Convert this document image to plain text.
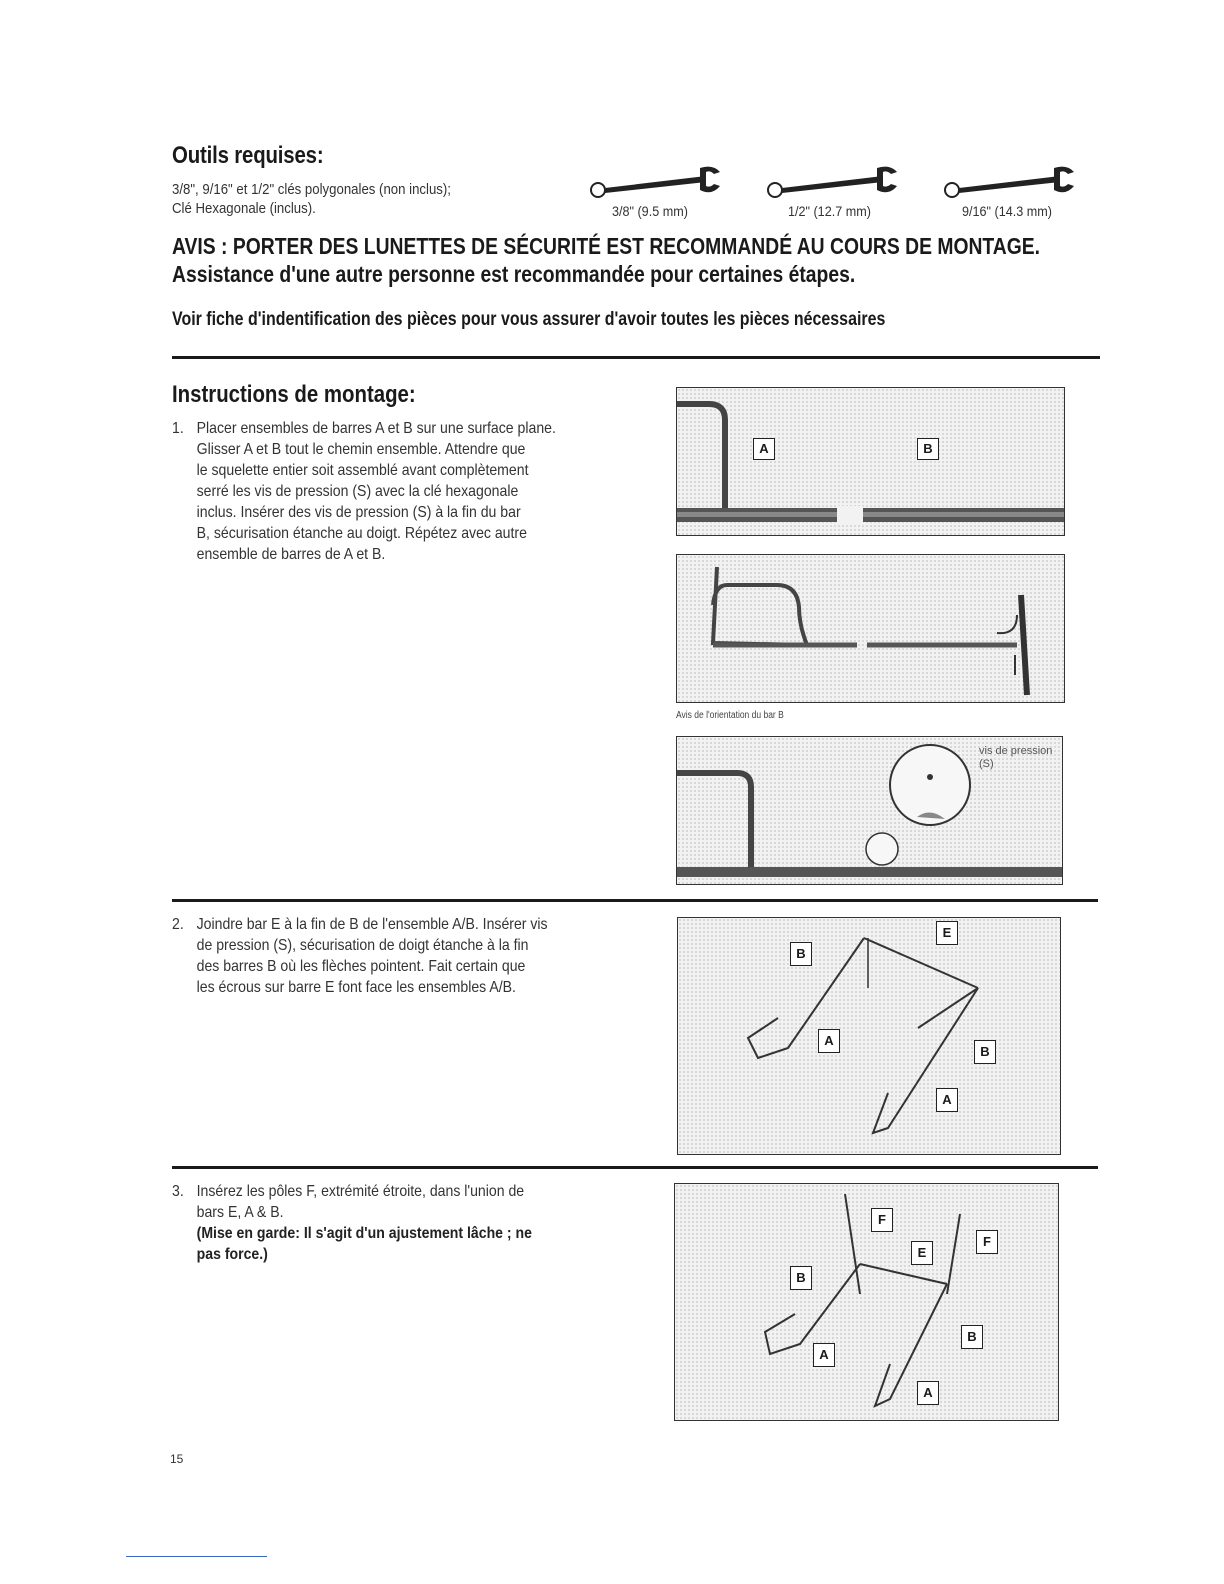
Outils requises:
3/8", 9/16" et 1/2" clés polygonales (non inclus);
Clé Hexagonale (inclus).	3/8" (9.5 mm)	1/2" (12.7 mm)	9/16" (14.3 mm)
AVIS : PORTER DES LUNETTES DE SÉCURITÉ EST RECOMMANDÉ AU COURS DE MONTAGE.
Assistance d'une autre personne est recommandée pour certaines étapes.
Voir fiche d'indentification des pièces pour vous assurer d'avoir toutes les pièces nécessaires
Instructions de montage:
1. Placer ensembles de barres A et B sur une surface plane.
Glisser A et B tout le chemin ensemble. Attendre que
le squelette entier soit assemblé avant complètement
serré les vis de pression (S) avec la clé hexagonale
inclus. Insérer des vis de pression (S) à la fin du bar
B, sécurisation étanche au doigt. Répétez avec autre
ensemble de barres de A et B.
A	B
Avis de l'orientation du bar B
vis de pression (S)
2. Joindre bar E à la fin de B de l'ensemble A/B. Insérer vis
de pression (S), sécurisation de doigt étanche à la fin
des barres B où les flèches pointent. Fait certain que
les écrous sur barre E font face les ensembles A/B.
E
B
A
B
A
3. Insérez les pôles F, extrémité étroite, dans l'union de
bars E, A & B.
(Mise en garde: Il s'agit d'un ajustement lâche ; ne
pas force.)
F
E
F
B
A
B
A
15
